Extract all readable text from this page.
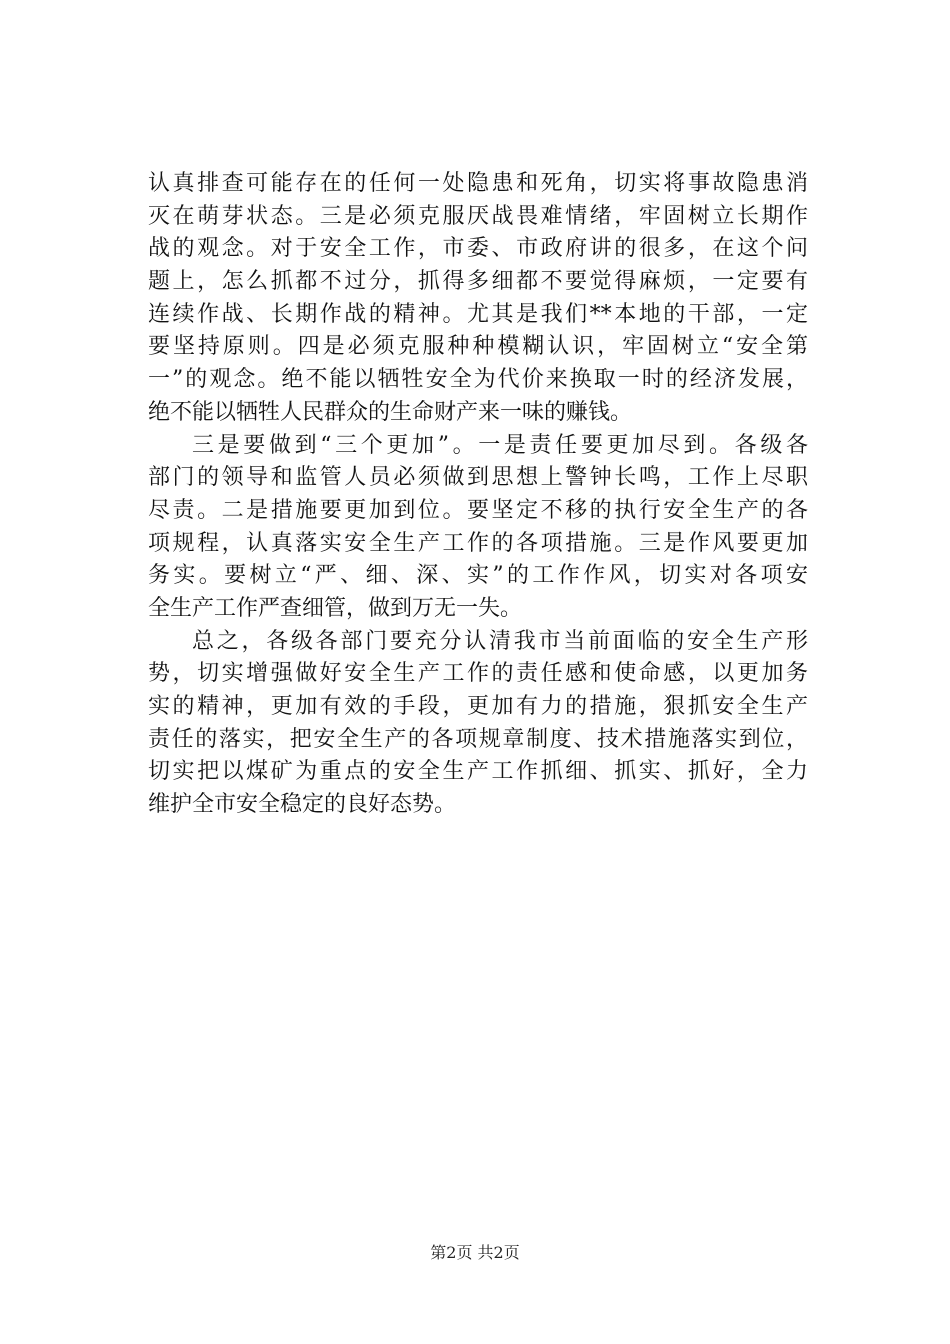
认真排查可能存在的任何一处隐患和死角，切实将事故隐患消
灭在萌芽状态。三是必须克服厌战畏难情绪，牢固树立长期作
战的观念。对于安全工作，市委、市政府讲的很多，在这个问
题上，怎么抓都不过分，抓得多细都不要觉得麻烦，一定要有
连续作战、长期作战的精神。尤其是我们**本地的干部，一定
要坚持原则。四是必须克服种种模糊认识，牢固树立“安全第
一”的观念。绝不能以牺牲安全为代价来换取一时的经济发展，
绝不能以牺牲人民群众的生命财产来一味的赚钱。
三是要做到“三个更加”。一是责任要更加尽到。各级各
部门的领导和监管人员必须做到思想上警钟长鸣，工作上尽职
尽责。二是措施要更加到位。要坚定不移的执行安全生产的各
项规程，认真落实安全生产工作的各项措施。三是作风要更加
务实。要树立“严、细、深、实”的工作作风，切实对各项安
全生产工作严查细管，做到万无一失。
总之，各级各部门要充分认清我市当前面临的安全生产形
势，切实增强做好安全生产工作的责任感和使命感，以更加务
实的精神，更加有效的手段，更加有力的措施，狠抓安全生产
责任的落实，把安全生产的各项规章制度、技术措施落实到位，
切实把以煤矿为重点的安全生产工作抓细、抓实、抓好，全力
维护全市安全稳定的良好态势。
第2页 共2页
